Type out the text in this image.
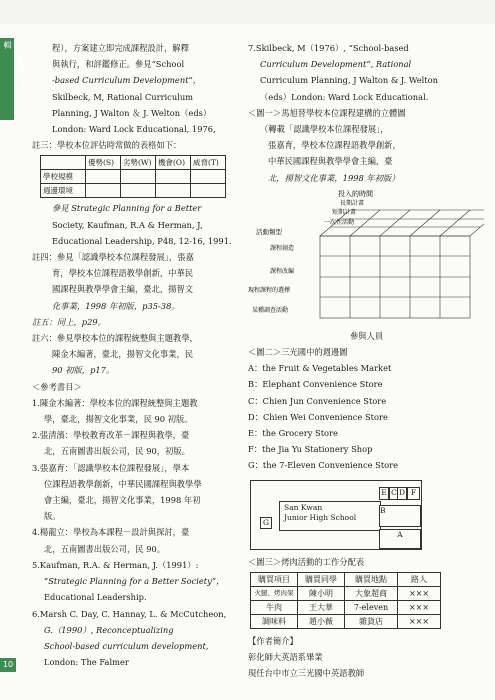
高一數學快訊 第四輯
10

程），方案建立即完成課程設計，解釋

與執行，和評鑑修正。參見“School

-based Curriculum Development”，

Skilbeck, M, Rational Curriculum

Planning, J Walton ＆ J. Welton（eds）

London: Ward Lock Educational, 1976,

註三：學校本位評估時常做的表格如下：

	優勢(S)	劣勢(W)	機會(O)	威脅(T)
學校規模				
週邊環境				

參見 Strategic Planning for a Better

Society, Kaufman, R.A & Herman, J,

Educational Leadership, P48, 12-16, 1991.

註四：參見「認識學校本位課程發展」，張嘉

育，學校本位課程語教學創新，中華民

國課程與教學學會主編，臺北，揚智文

化事業，1998 年初版，p35-38。

註五：同上，p29。

註六：參見學校本位的課程統整與主題教學，

陳金木編著，臺北，揚智文化事業，民

90 初版，p17。

＜參考書目＞

1.陳金木編著：學校本位的課程統整與主題教

學，臺北，揚智文化事業，民 90 初版。

2.張清濱：學校教育改革－課程與教學，臺

北，五南圖書出版公司，民 90，初版。

3.張嘉育：「認識學校本位課程發展」，學本

位課程語教學創新，中華民國課程與教學學

會主編，臺北，揚智文化事業，1998 年初

版。

4.楊龍立：學校為本課程－設計與探討，臺

北，五南圖書出版公司，民 90。

5.Kaufman, R.A. & Herman, J.（1991）:

“Strategic Planning for a Better Society”，

Educational Leadership.

6.Marsh C. Day, C. Hannay, L. & McCutcheon,

G.（1990）, Reconceptualizing

School-based curriculum development,

London: The Falmer

7.Skilbeck, M（1976）, “School-based

Curriculum Development”, Rational

Curriculum Planning, J Walton & J. Welton

（eds）London: Ward Lock Educational.

＜圖一＞馬旭替學校本位課程建構的立體圖

（轉載「認識學校本位課程發展」，

張嘉育，學校本位課程語教學創新，

中華民國課程與教學學會主編，臺

北，揚智文化事業，1998 年初版）

投入的時間
長期計畫
短期計畫
一次性活動
活動類型
課程創造
課程改編
現程課程的選擇
某種調查活動

參與人員

＜圖二＞三光國中的週邊圖

A：the Fruit & Vegetables Market

B：Elephant Convenience Store

C：Chien Jun Convenience Store

D：Chien Wei Convenience Store

E：the Grocery Store

F：the Jia Yu Stationery Shop

G：the 7-Eleven Convenience Store

San Kwan
Junior High School
G
F
C D
E
B
A

＜圖三＞烤肉活動的工作分配表

購買項目	購買同學	購買地點	路人
火腿、烤肉架	陳小明	大象超商	×××
牛肉	王大華	7-eleven	×××
調味料	趙小薇	雜貨店	×××

【作者簡介】

彰化師大英語系畢業

現任台中市立三光國中英語教師
